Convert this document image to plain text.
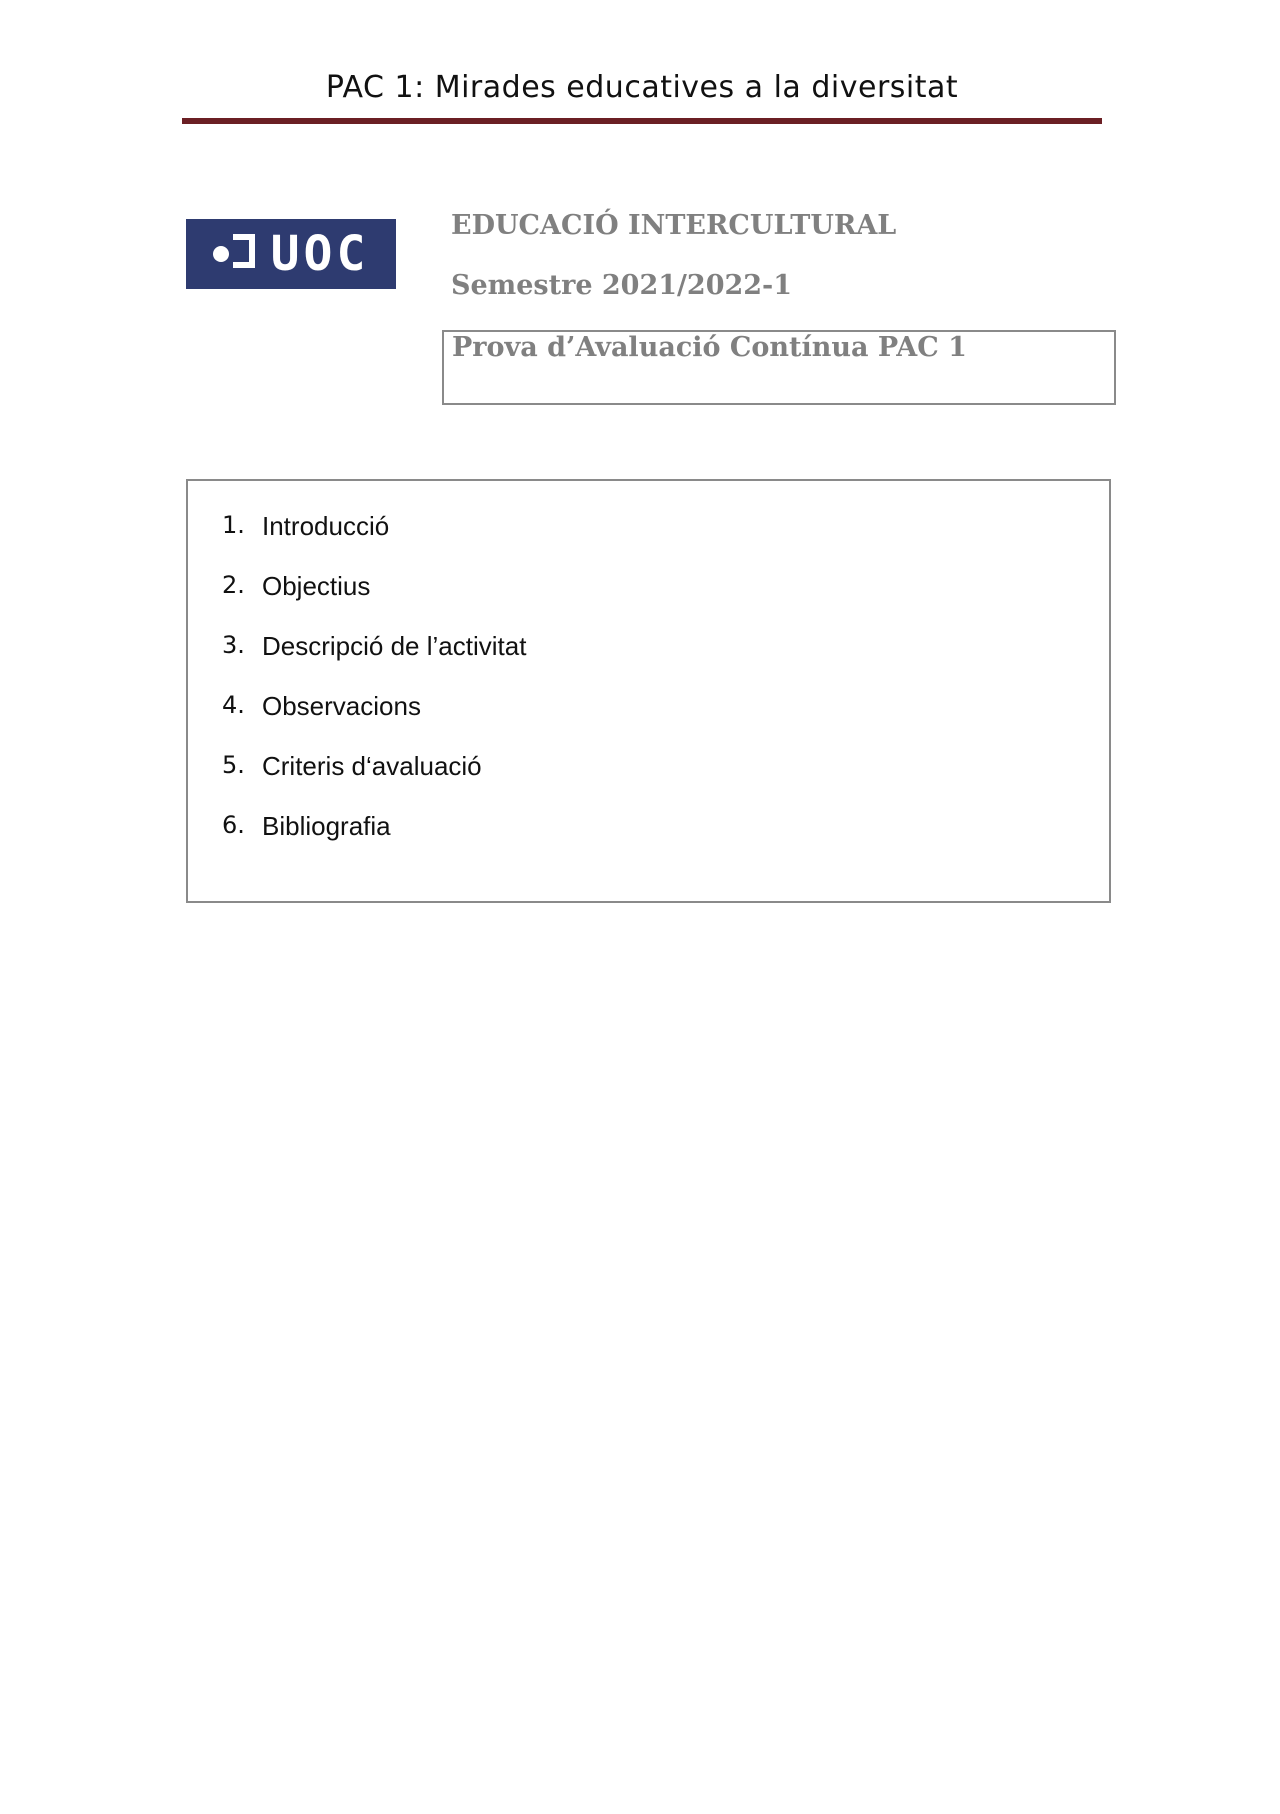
PAC 1: Mirades educatives a la diversitat
UOC
EDUCACIÓ INTERCULTURAL
Semestre 2021/2022-1
Prova d’Avaluació Contínua PAC 1
1. Introducció
2. Objectius
3. Descripció de l’activitat
4. Observacions
5. Criteris d‘avaluació
6. Bibliografia
